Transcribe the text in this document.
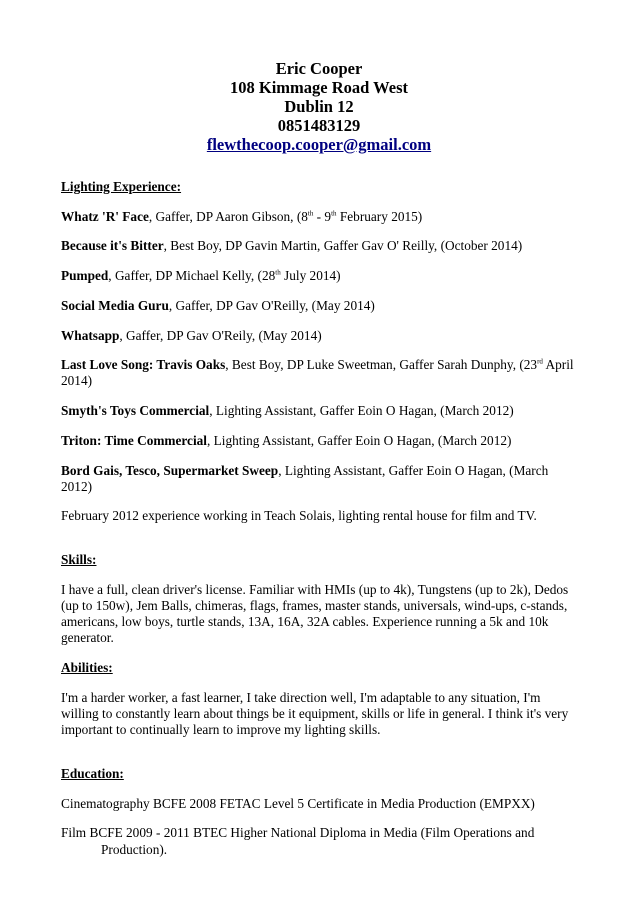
Eric Cooper
108 Kimmage Road West
Dublin 12
0851483129
flewthecoop.cooper@gmail.com
Lighting Experience:
Whatz 'R' Face, Gaffer, DP Aaron Gibson, (8th - 9th February 2015)
Because it's Bitter, Best Boy, DP Gavin Martin, Gaffer Gav O' Reilly, (October 2014)
Pumped, Gaffer, DP Michael Kelly, (28th July 2014)
Social Media Guru, Gaffer, DP Gav O'Reilly, (May 2014)
Whatsapp, Gaffer, DP Gav O'Reily, (May 2014)
Last Love Song: Travis Oaks, Best Boy, DP Luke Sweetman, Gaffer Sarah Dunphy, (23rd April 2014)
Smyth's Toys Commercial, Lighting Assistant, Gaffer Eoin O Hagan, (March 2012)
Triton: Time Commercial, Lighting Assistant, Gaffer Eoin O Hagan, (March 2012)
Bord Gais, Tesco, Supermarket Sweep, Lighting Assistant, Gaffer Eoin O Hagan, (March 2012)
February 2012 experience working in Teach Solais, lighting rental house for film and TV.
Skills:
I have a full, clean driver's license. Familiar with HMIs (up to 4k), Tungstens (up to 2k), Dedos (up to 150w), Jem Balls, chimeras, flags, frames, master stands, universals, wind-ups, c-stands, americans, low boys, turtle stands, 13A, 16A, 32A cables. Experience running a 5k and 10k generator.
Abilities:
I'm a harder worker, a fast learner, I take direction well, I'm adaptable to any situation, I'm willing to constantly learn about things be it equipment, skills or life in general. I think it's very important to continually learn to improve my lighting skills.
Education:
Cinematography BCFE 2008 FETAC Level 5 Certificate in Media Production (EMPXX)
Film BCFE 2009 - 2011 BTEC Higher National Diploma in Media (Film Operations and Production).
